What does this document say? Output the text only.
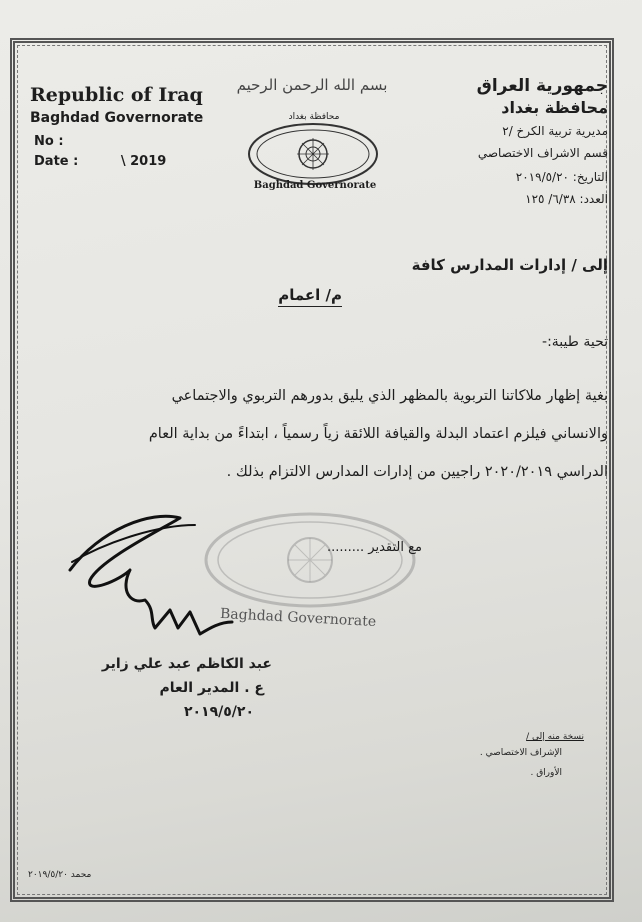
Republic of Iraq
Baghdad Governorate
No :
Date :	\ 2019
جمهورية العراق
محافظة بغداد
مديرية تربية الكرخ /٢
قسم الاشراف الاختصاصي
التاريخ: ٢٠١٩/٥/٢٠
العدد: ٦/٣٨/ ١٢٥
بسم الله الرحمن الرحيم
محافظة بغداد
Baghdad Governorate
إلى / إدارات المدارس كافة
م/ اعمام
تحية طيبة:-
بغية إظهار ملاكاتنا التربوية بالمظهر الذي يليق بدورهم التربوي والاجتماعي
والانساني فيلزم اعتماد البدلة والقيافة اللائقة زياً رسمياً ، ابتداءً من بداية العام
الدراسي ٢٠٢٠/٢٠١٩ راجيين من إدارات المدارس الالتزام بذلك .
مع التقدير .........
Baghdad Governorate
عبد الكاظم عبد علي زاير
ع . المدير العام
٢٠١٩/٥/٢٠
نسخة منه إلى /
الإشراف الاختصاصي .
الأوراق .
محمد ٢٠١٩/٥/٢٠
